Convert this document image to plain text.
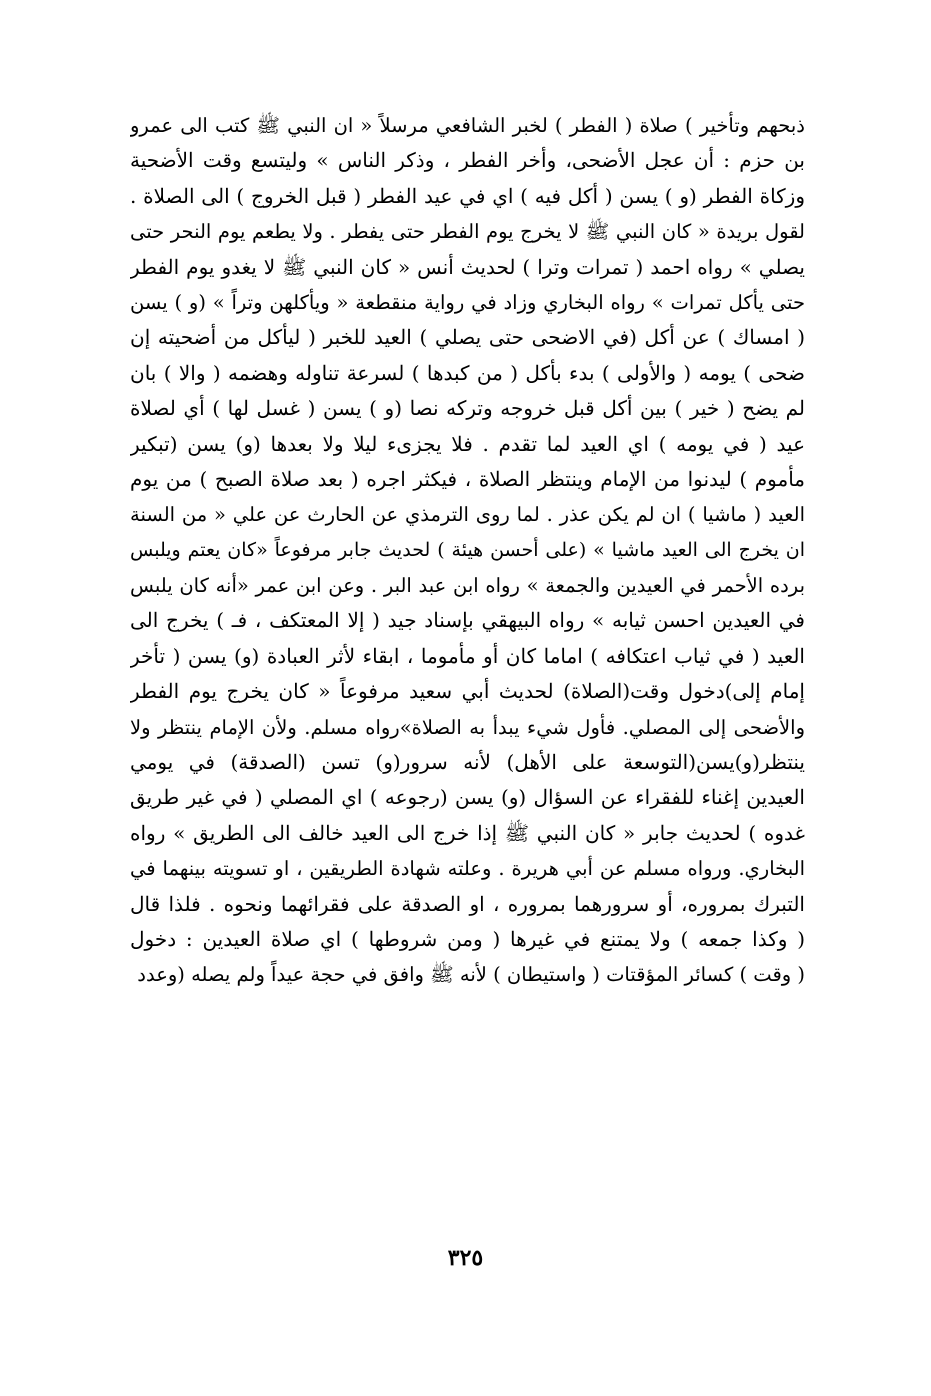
ذبحهم وتأخير ) صلاة ( الفطر ) لخبر الشافعي مرسلاً « ان النبي ﷺ كتب الى عمرو
بن حزم : أن عجل الأضحى، وأخر الفطر ، وذكر الناس » وليتسع وقت الأضحية
وزكاة الفطر (و ) يسن ( أكل فيه ) اي في عيد الفطر ( قبل الخروج ) الى الصلاة .
لقول بريدة « كان النبي ﷺ لا يخرج يوم الفطر حتى يفطر . ولا يطعم يوم النحر حتى
يصلي » رواه احمد ( تمرات وترا ) لحديث أنس « كان النبي ﷺ لا يغدو يوم الفطر
حتى يأكل تمرات » رواه البخاري وزاد في رواية منقطعة « ويأكلهن وتراً » (و ) يسن
( امساك ) عن أكل (في الاضحى حتى يصلي ) العيد للخبر ( ليأكل من أضحيته إن
ضحى ) يومه ( والأولى ) بدء بأكل ( من كبدها ) لسرعة تناوله وهضمه ( والا ) بان
لم يضح ( خير ) بين أكل قبل خروجه وتركه نصا (و ) يسن ( غسل لها ) أي لصلاة
عيد ( في يومه ) اي العيد لما تقدم . فلا يجزىء ليلا ولا بعدها (و) يسن (تبكير
مأموم ) ليدنوا من الإمام وينتظر الصلاة ، فيكثر اجره ( بعد صلاة الصبح ) من يوم
العيد ( ماشيا ) ان لم يكن عذر . لما روى الترمذي عن الحارث عن علي « من السنة
ان يخرج الى العيد ماشيا » (على أحسن هيئة ) لحديث جابر مرفوعاً «كان يعتم ويلبس
برده الأحمر في العيدين والجمعة » رواه ابن عبد البر . وعن ابن عمر «أنه كان يلبس
في العيدين احسن ثيابه » رواه البيهقي بإسناد جيد ( إلا المعتكف ، فـ ) يخرج الى
العيد ( في ثياب اعتكافه ) اماما كان أو مأموما ، ابقاء لأثر العبادة (و) يسن ( تأخر
إمام إلى)دخول وقت(الصلاة) لحديث أبي سعيد مرفوعاً « كان يخرج يوم الفطر
والأضحى إلى المصلي. فأول شيء يبدأ به الصلاة»رواه مسلم. ولأن الإمام ينتظر ولا
ينتظر(و)يسن(التوسعة على الأهل) لأنه سرور(و) تسن (الصدقة) في يومي
العيدين إغناء للفقراء عن السؤال (و) يسن (رجوعه ) اي المصلي ( في غير طريق
غدوه ) لحديث جابر « كان النبي ﷺ إذا خرج الى العيد خالف الى الطريق » رواه
البخاري. ورواه مسلم عن أبي هريرة . وعلته شهادة الطريقين ، او تسويته بينهما في
التبرك بمروره، أو سرورهما بمروره ، او الصدقة على فقرائهما ونحوه . فلذا قال
( وكذا جمعه ) ولا يمتنع في غيرها ( ومن شروطها ) اي صلاة العيدين : دخول
( وقت ) كسائر المؤقتات ( واستيطان ) لأنه ﷺ وافق في حجة عيداً ولم يصله (وعدد
٣٢٥
